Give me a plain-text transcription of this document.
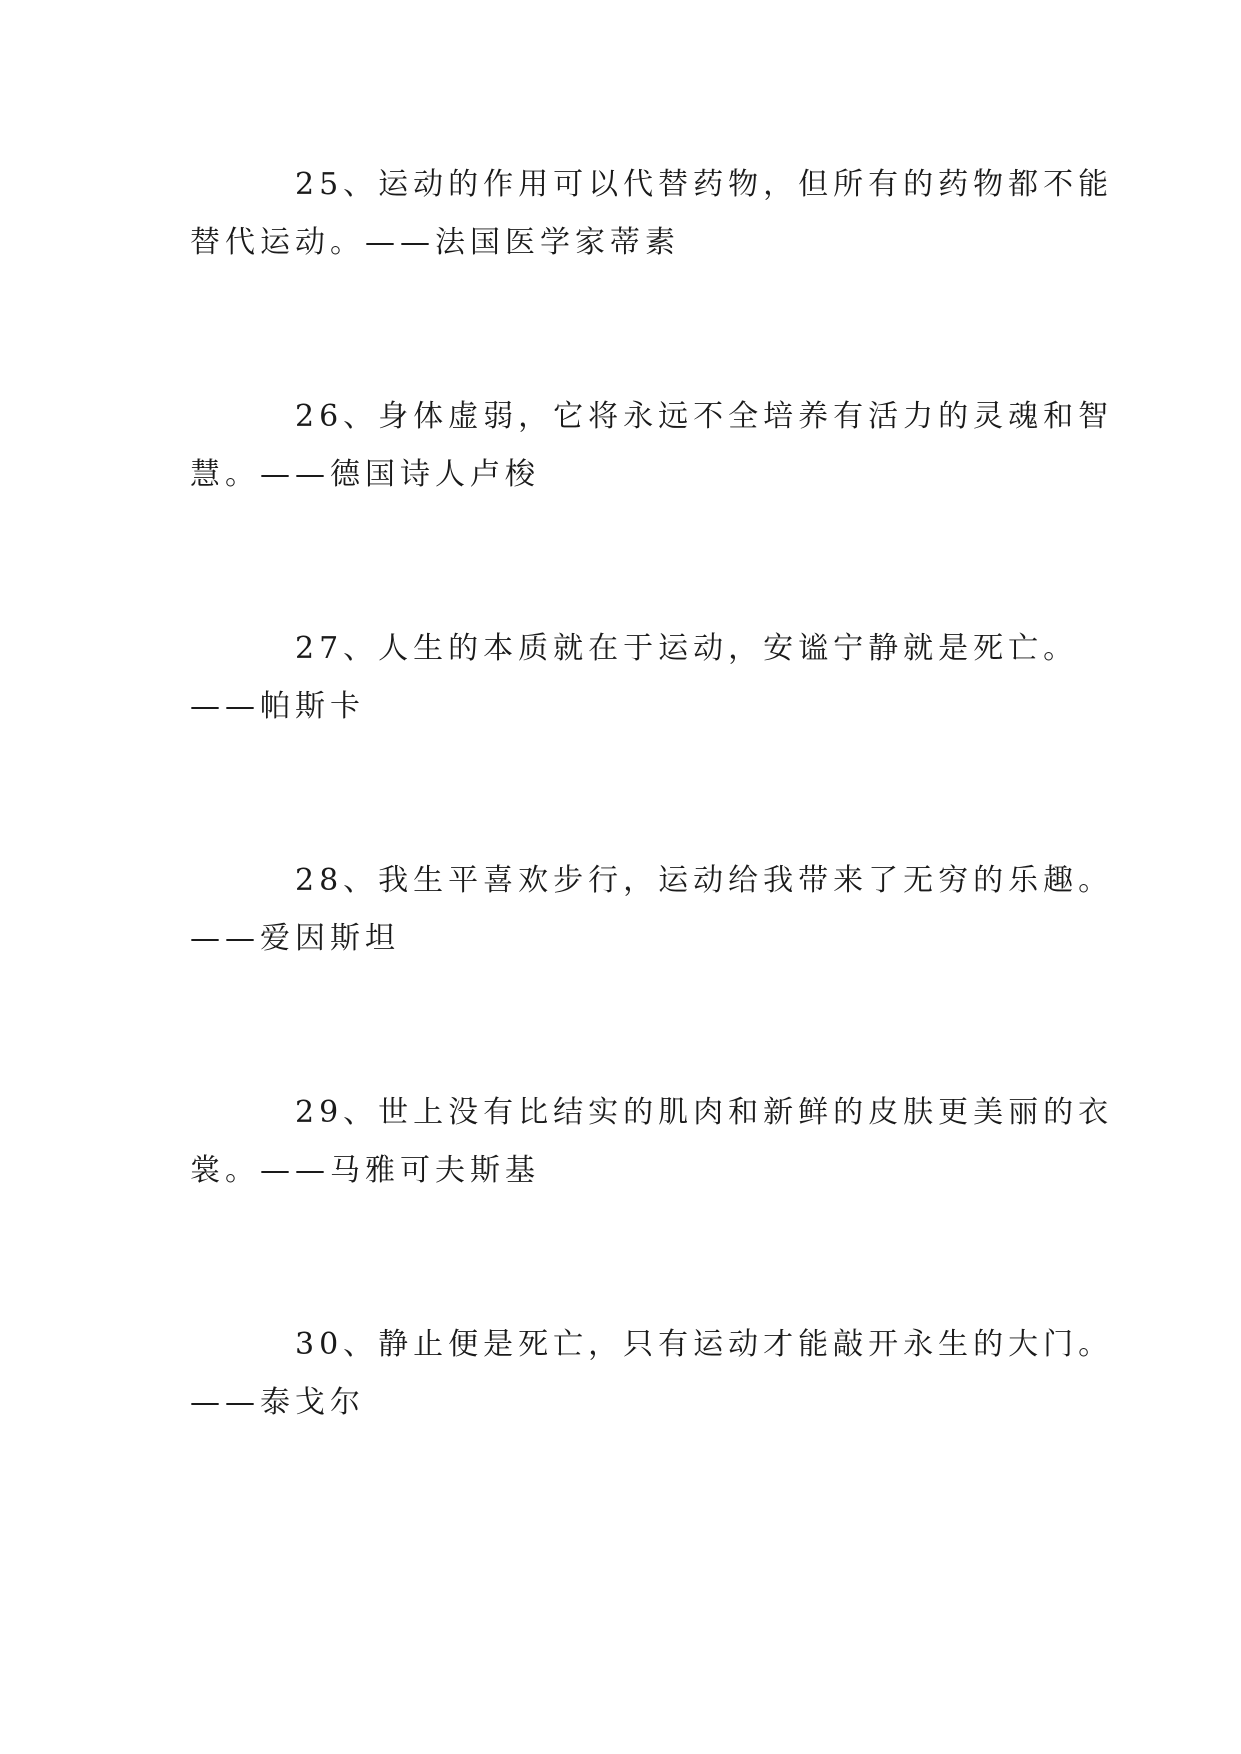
25、运动的作用可以代替药物，但所有的药物都不能
替代运动。——法国医学家蒂素
26、身体虚弱，它将永远不全培养有活力的灵魂和智
慧。——德国诗人卢梭
27、人生的本质就在于运动，安谧宁静就是死亡。
——帕斯卡
28、我生平喜欢步行，运动给我带来了无穷的乐趣。
——爱因斯坦
29、世上没有比结实的肌肉和新鲜的皮肤更美丽的衣
裳。——马雅可夫斯基
30、静止便是死亡，只有运动才能敲开永生的大门。
——泰戈尔
